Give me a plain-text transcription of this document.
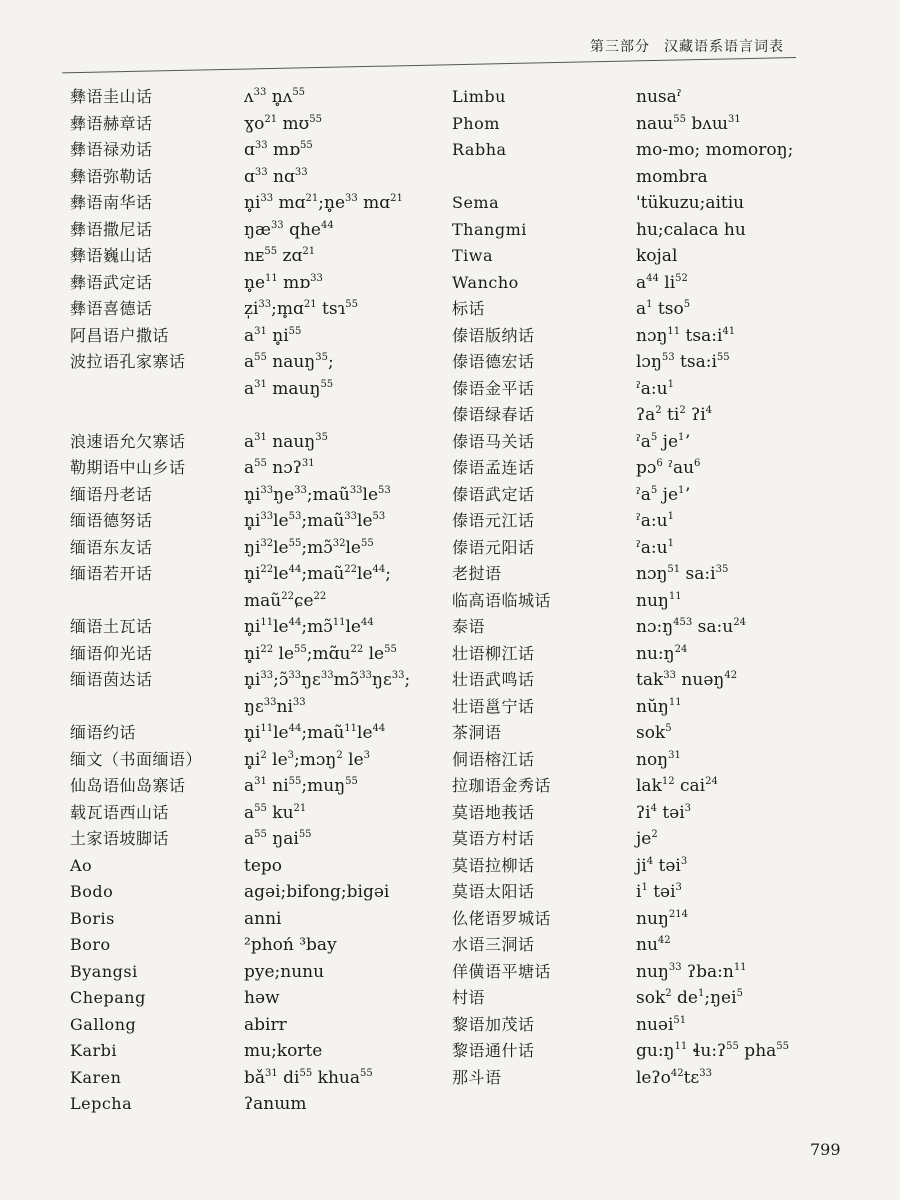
第三部分 汉藏语系语言词表
彝语圭山话
彝语赫章话
彝语禄劝话
彝语弥勒话
彝语南华话
彝语撒尼话
彝语巍山话
彝语武定话
彝语喜德话
阿昌语户撒话
波拉语孔家寨话
浪速语允欠寨话
勒期语中山乡话
缅语丹老话
缅语德努话
缅语东友话
缅语若开话
缅语土瓦话
缅语仰光话
缅语茵达话
缅语约话
缅文（书面缅语）
仙岛语仙岛寨话
载瓦语西山话
土家语坡脚话
Ao
Bodo
Boris
Boro
Byangsi
Chepang
Gallong
Karbi
Karen
Lepcha
ʌ$^{33}$ n̥ʌ$^{55}$
ɣo$^{21}$ mʊ$^{55}$
ɑ$^{33}$ mɒ$^{55}$
ɑ$^{33}$ nɑ$^{33}$
$n̥i^{33}$ $mɑ^{21};n̥e^{33}$ mɑ$^{21}$
$ŋæ^{33}$ qhe$^{44}$
nᴇ$^{55}$ zɑ$^{21}$
$n̥e^{11}$ mɒ$^{33}$
$z̩i^{33};m̥ɑ^{21}$ tsɿ$^{55}$
$a^{31}$ $n̥i^{55}$
$a^{55}$ nauŋ$^{35}$;
$a^{31}$ mauŋ$^{55}$
$a^{31}$ nauŋ$^{35}$
$a^{55}$ nɔʔ$^{31}$
$n̥i^{33}ŋe^{33};maũ^{33}le^{53}$
$n̥i^{33}le^{53};maũ^{33}le^{53}$
$ŋi^{32}le^{55};mɔ̃^{32}le^{55}$
$n̥i^{22}le^{44};maũ^{22}le^{44}$;
maũ$^{22}$ɕe$^{22}$
$n̥i^{11}le^{44};mɔ̃^{11}le^{44}$
$n̥i^{22}$ $le^{55};mɑ̃u^{22}$ $le^{55}$
$n̥i^{33};ɔ̃^{33}ŋɛ^{33}mɔ̃^{33}ŋɛ^{33}$;
$ŋɛ^{33}ni^{33}$
$n̥i^{11}le^{44};maũ^{11}le^{44}$
$n̥i^2$ $le^3;mɔŋ^2$ $le^3$
$a^{31}$ $ni^{55};muŋ^{55}$
$a^{55}$ $ku^{21}$
$a^{55}$ ŋai$^{55}$
tepo
agəi;bifong;bigəi
anni
²phoń ³bay
pye;nunu
həw
abirr
mu;korte
$bǎ^{31}$ $di^{55}$ khua$^{55}$
ʔanɯm
Limbu
Phom
Rabha
Sema
Thangmi
Tiwa
Wancho
标话
傣语版纳话
傣语德宏话
傣语金平话
傣语绿春话
傣语马关话
傣语孟连话
傣语武定话
傣语元江话
傣语元阳话
老挝语
临高语临城话
泰语
壮语柳江话
壮语武鸣话
壮语邕宁话
茶洞语
侗语榕江话
拉珈语金秀话
莫语地莪话
莫语方村话
莫语拉柳话
莫语太阳话
仫佬语罗城话
水语三洞话
佯僙语平塘话
村语
黎语加茂话
黎语通什话
那斗语
nusaˀ
naɯ$^{55}$ bʌɯ$^{31}$
mo-mo; momoroŋ;
mombra
'tükuzu;aitiu
hu;calaca hu
kojal
$a^{44}$ $li^{52}$
$a^1$ tso$^5$
nɔŋ$^{11}$ $tsa:i^{41}$
lɔŋ$^{53}$ $tsa:i^{55}$
$ˀa:u^1$
ʔa$^2$ $ti^2$ ʔi$^4$
ˀa$^5$ $je^1ʼ$
pɔ$^6$ ˀau$^6$
ˀa$^5$ $je^1ʼ$
$ˀa:u^1$
$ˀa:u^1$
nɔŋ$^{51}$ $sa:i^{35}$
nuŋ$^{11}$
$nɔ:ŋ^{453}$ $sa:u^{24}$
$nu:ŋ^{24}$
tak$^{33}$ nuəŋ$^{42}$
nŭŋ$^{11}$
sok$^5$
noŋ$^{31}$
lak$^{12}$ cai$^{24}$
ʔi$^4$ təi$^3$
$je^2$
$ji^4$ təi$^3$
$i^1$ təi$^3$
nuŋ$^{214}$
$nu^{42}$
nuŋ$^{33}$ $ʔba:n^{11}$
sok$^2$ $de^1;ŋei^5$
nuəi$^{51}$
$gu:ŋ^{11}$ ɬu:ʔ$^{55}$ pha$^{55}$
leʔo$^{42}$tɛ$^{33}$
799
